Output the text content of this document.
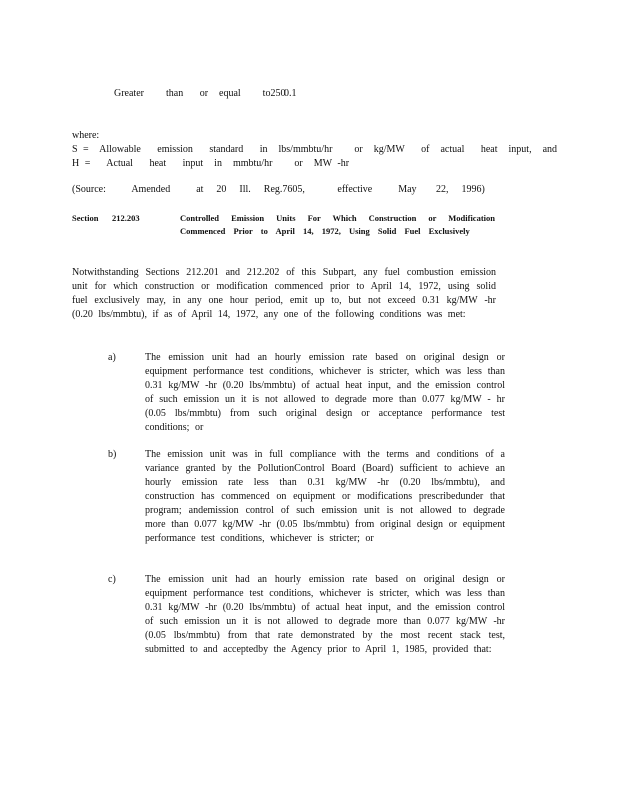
Greater    than   or  equal    to250
0.1
where:
S =  Allowable   emission   standard   in  lbs/mmbtu/hr    or  kg/MW   of  actual   heat  input,  and
H =   Actual   heat   input  in  mmbtu/hr    or  MW -hr
(Source:    Amended    at  20  Ill.  Reg.7605,     effective    May   22,  1996)
Section 212.203	Controlled Emission Units For Which Construction or Modification Commenced Prior to April 14, 1972, Using Solid Fuel Exclusively
Notwithstanding Sections 212.201 and 212.202 of this Subpart, any fuel combustion emission unit for which construction or modification commenced prior to April 14, 1972, using solid fuel exclusively may, in any one hour period, emit up to, but not exceed 0.31 kg/MW -hr (0.20 lbs/mmbtu), if as of April 14, 1972, any one of the following conditions was met:
a)	The emission unit had an hourly emission rate based on original design or equipment performance test conditions, whichever is stricter, which was less than 0.31 kg/MW -hr (0.20 lbs/mmbtu) of actual heat input, and the emission control of such emission un it is not allowed to degrade more than 0.077 kg/MW - hr (0.05 lbs/mmbtu) from such original design or acceptance performance test conditions; or
b)	The emission unit was in full compliance with the terms and conditions of a variance granted by the PollutionControl Board (Board) sufficient to achieve an hourly emission rate less than 0.31 kg/MW -hr (0.20 lbs/mmbtu), and construction has commenced on equipment or modifications prescribedunder that program; andemission control of such emission unit is not allowed to degrade more than 0.077 kg/MW -hr (0.05 lbs/mmbtu) from original design or equipment performance test conditions, whichever is stricter; or
c)	The emission unit had an hourly emission rate based on original design or equipment performance test conditions, whichever is stricter, which was less than 0.31 kg/MW -hr (0.20 lbs/mmbtu) of actual heat input, and the emission control of such emission un it is not allowed to degrade more than 0.077 kg/MW -hr (0.05 lbs/mmbtu) from that rate demonstrated by the most recent stack test, submitted to and acceptedby the Agency prior to April 1, 1985, provided that:
